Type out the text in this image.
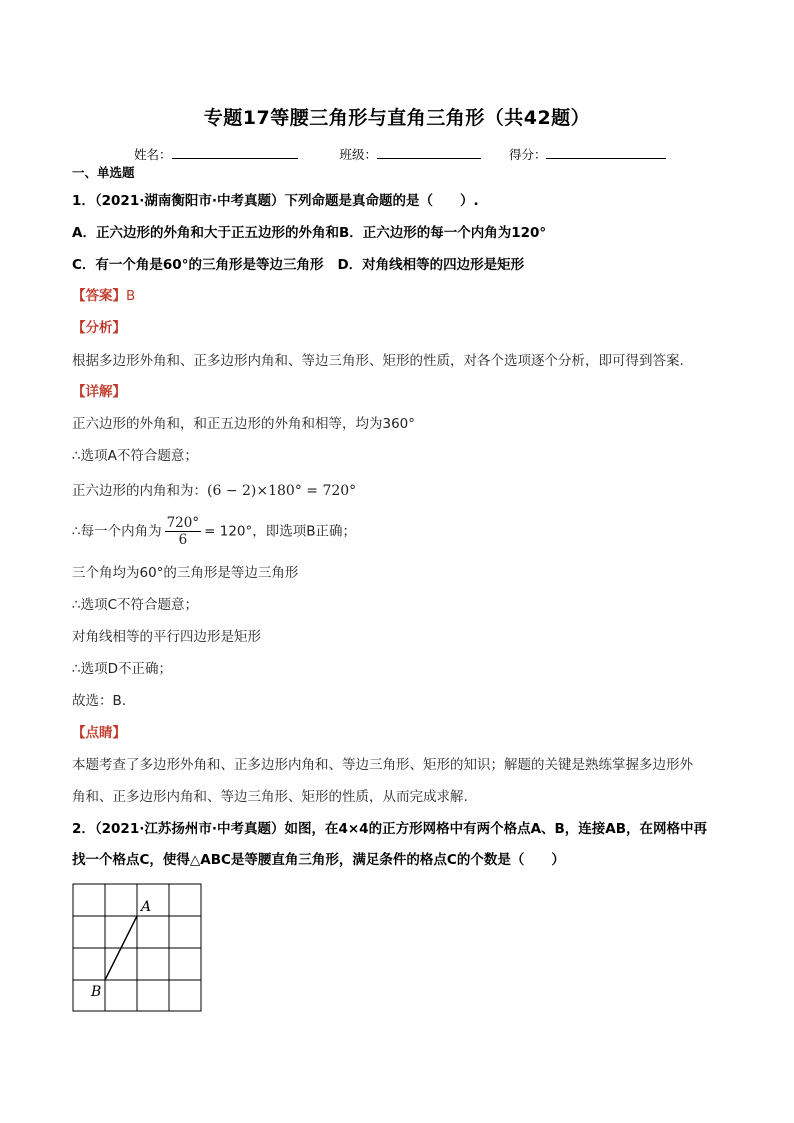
专题17等腰三角形与直角三角形（共42题）
姓名：	班级：	得分：
一、单选题
1．（2021·湖南衡阳市·中考真题）下列命题是真命题的是（　　）.
A．正六边形的外角和大于正五边形的外角和B．正六边形的每一个内角为120°
C．有一个角是60°的三角形是等边三角形 D．对角线相等的四边形是矩形
【答案】B
【分析】
根据多边形外角和、正多边形内角和、等边三角形、矩形的性质，对各个选项逐个分析，即可得到答案.
【详解】
正六边形的外角和，和正五边形的外角和相等，均为360°
∴选项A不符合题意；
正六边形的内角和为：(6 − 2)×180° = 720°
∴每一个内角为 $\frac{720^\circ}{6} = 120^\circ$，即选项B正确；
三个角均为60°的三角形是等边三角形
∴选项C不符合题意；
对角线相等的平行四边形是矩形
∴选项D不正确；
故选：B.
【点睛】
本题考查了多边形外角和、正多边形内角和、等边三角形、矩形的知识；解题的关键是熟练掌握多边形外
角和、正多边形内角和、等边三角形、矩形的性质，从而完成求解.
2．（2021·江苏扬州市·中考真题）如图，在4×4的正方形网格中有两个格点A、B，连接AB，在网格中再
找一个格点C，使得△ABC是等腰直角三角形，满足条件的格点C的个数是（　　）
A
B
